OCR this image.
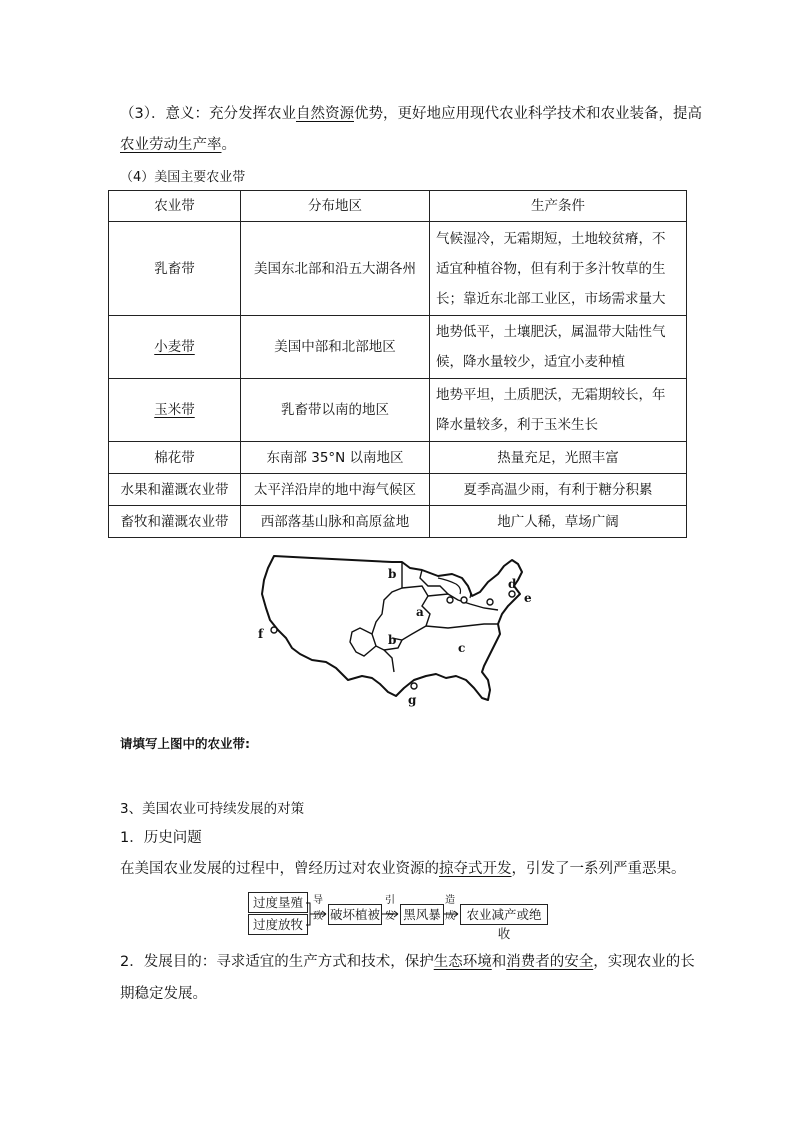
（3）．意义：充分发挥农业自然资源优势，更好地应用现代农业科学技术和农业装备，提高
农业劳动生产率。
（4）美国主要农业带
农业带	分布地区	生产条件
乳畜带	美国东北部和沿五大湖各州	气候湿冷，无霜期短，土地较贫瘠，不
适宜种植谷物，但有利于多汁牧草的生
长；靠近东北部工业区，市场需求量大

小麦带	美国中部和北部地区	地势低平，土壤肥沃，属温带大陆性气
候，降水量较少，适宜小麦种植

玉米带	乳畜带以南的地区	地势平坦，土质肥沃，无霜期较长，年
降水量较多，利于玉米生长

棉花带	东南部 35°N 以南地区	热量充足，光照丰富
水果和灌溉农业带	太平洋沿岸的地中海气候区	夏季高温少雨，有利于糖分积累
畜牧和灌溉农业带	西部落基山脉和高原盆地	地广人稀，草场广阔
b
a
b
c
d
e
f
g
请填写上图中的农业带:
3、美国农业可持续发展的对策
1．历史问题
在美国农业发展的过程中，曾经历过对农业资源的掠夺式开发，引发了一系列严重恶果。
过度垦殖
过度放牧
导
致 破坏植被
引
发 黑风暴
造
成 农业减产或绝收
2．发展目的：寻求适宜的生产方式和技术，保护生态环境和消费者的安全，实现农业的长
期稳定发展。
